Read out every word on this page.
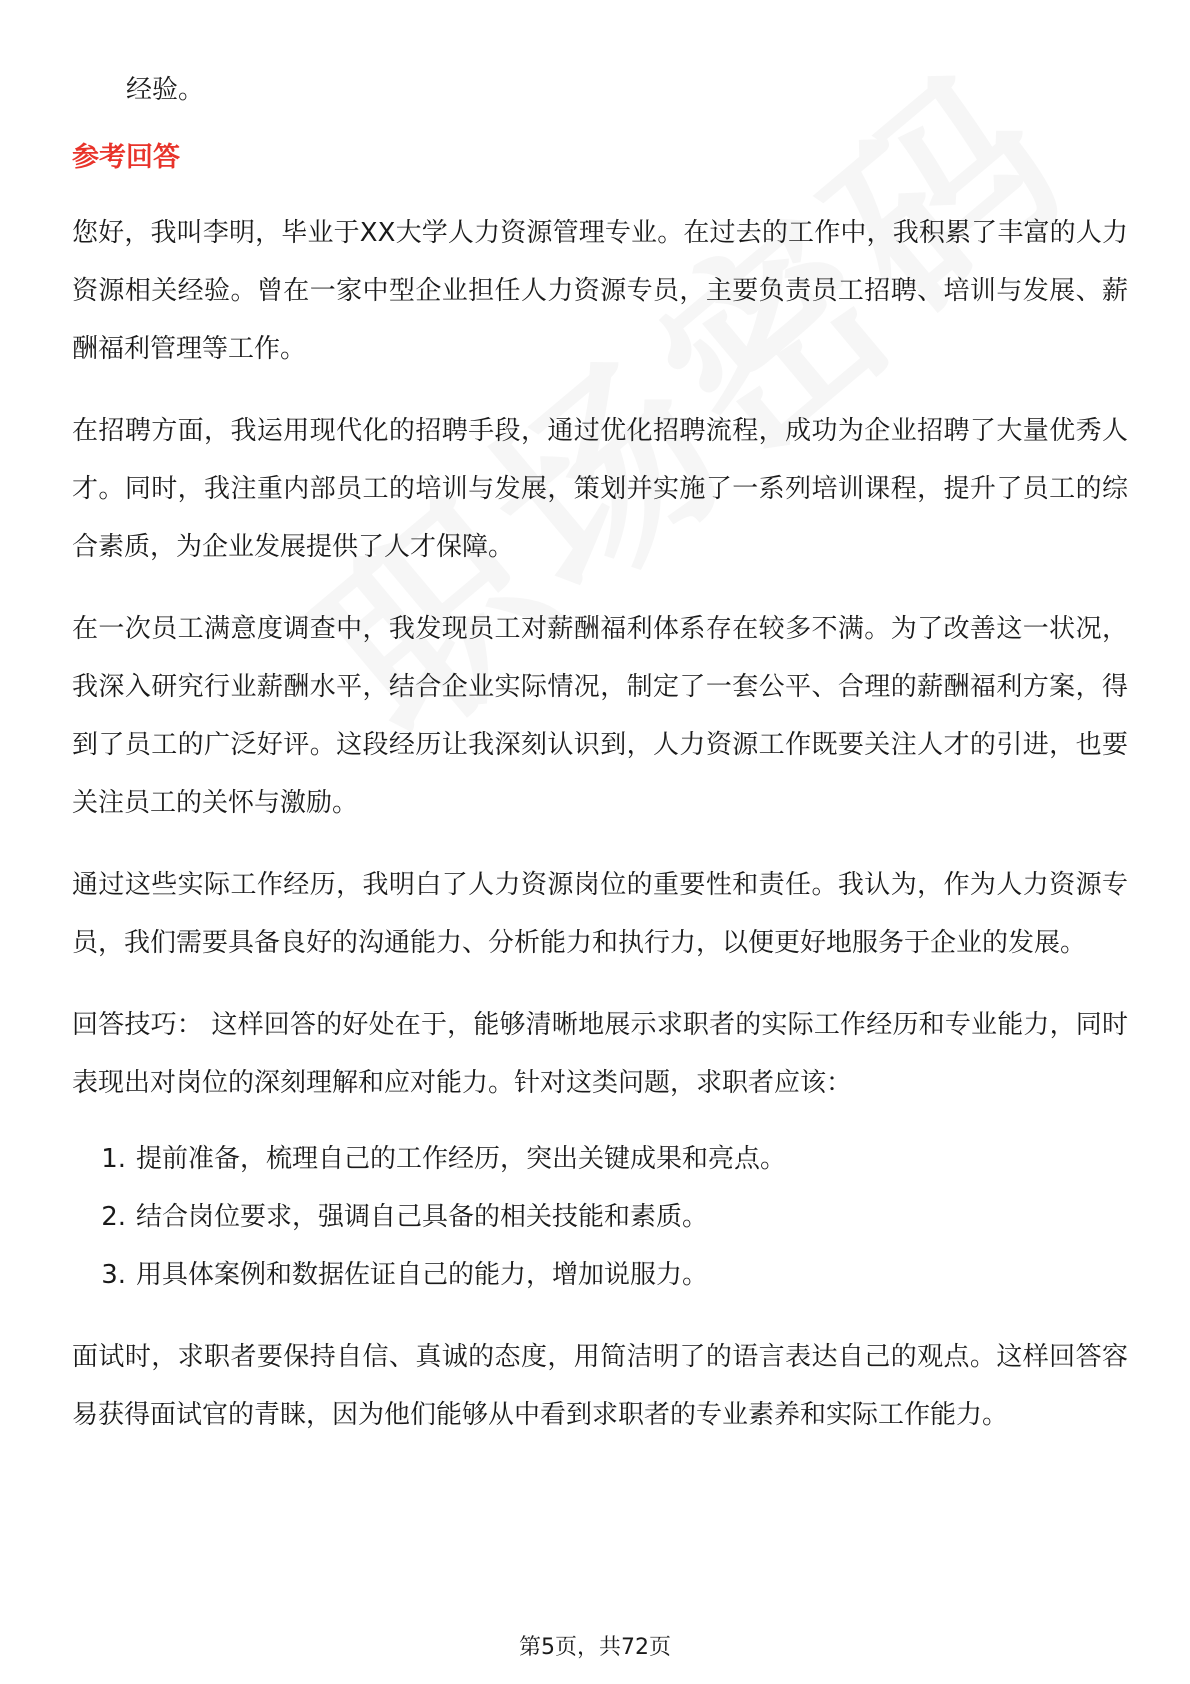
经验。
参考回答

您好，我叫李明，毕业于XX大学人力资源管理专业。在过去的工作中，我积累了丰富的人力资源相关经验。曾在一家中型企业担任人力资源专员，主要负责员工招聘、培训与发展、薪酬福利管理等工作。

在招聘方面，我运用现代化的招聘手段，通过优化招聘流程，成功为企业招聘了大量优秀人才。同时，我注重内部员工的培训与发展，策划并实施了一系列培训课程，提升了员工的综合素质，为企业发展提供了人才保障。

在一次员工满意度调查中，我发现员工对薪酬福利体系存在较多不满。为了改善这一状况，我深入研究行业薪酬水平，结合企业实际情况，制定了一套公平、合理的薪酬福利方案，得到了员工的广泛好评。这段经历让我深刻认识到，人力资源工作既要关注人才的引进，也要关注员工的关怀与激励。

通过这些实际工作经历，我明白了人力资源岗位的重要性和责任。我认为，作为人力资源专员，我们需要具备良好的沟通能力、分析能力和执行力，以便更好地服务于企业的发展。

回答技巧： 这样回答的好处在于，能够清晰地展示求职者的实际工作经历和专业能力，同时表现出对岗位的深刻理解和应对能力。针对这类问题，求职者应该：

1. 提前准备，梳理自己的工作经历，突出关键成果和亮点。
2. 结合岗位要求，强调自己具备的相关技能和素质。
3. 用具体案例和数据佐证自己的能力，增加说服力。

面试时，求职者要保持自信、真诚的态度，用简洁明了的语言表达自己的观点。这样回答容易获得面试官的青睐，因为他们能够从中看到求职者的专业素养和实际工作能力。

第5页，共72页
